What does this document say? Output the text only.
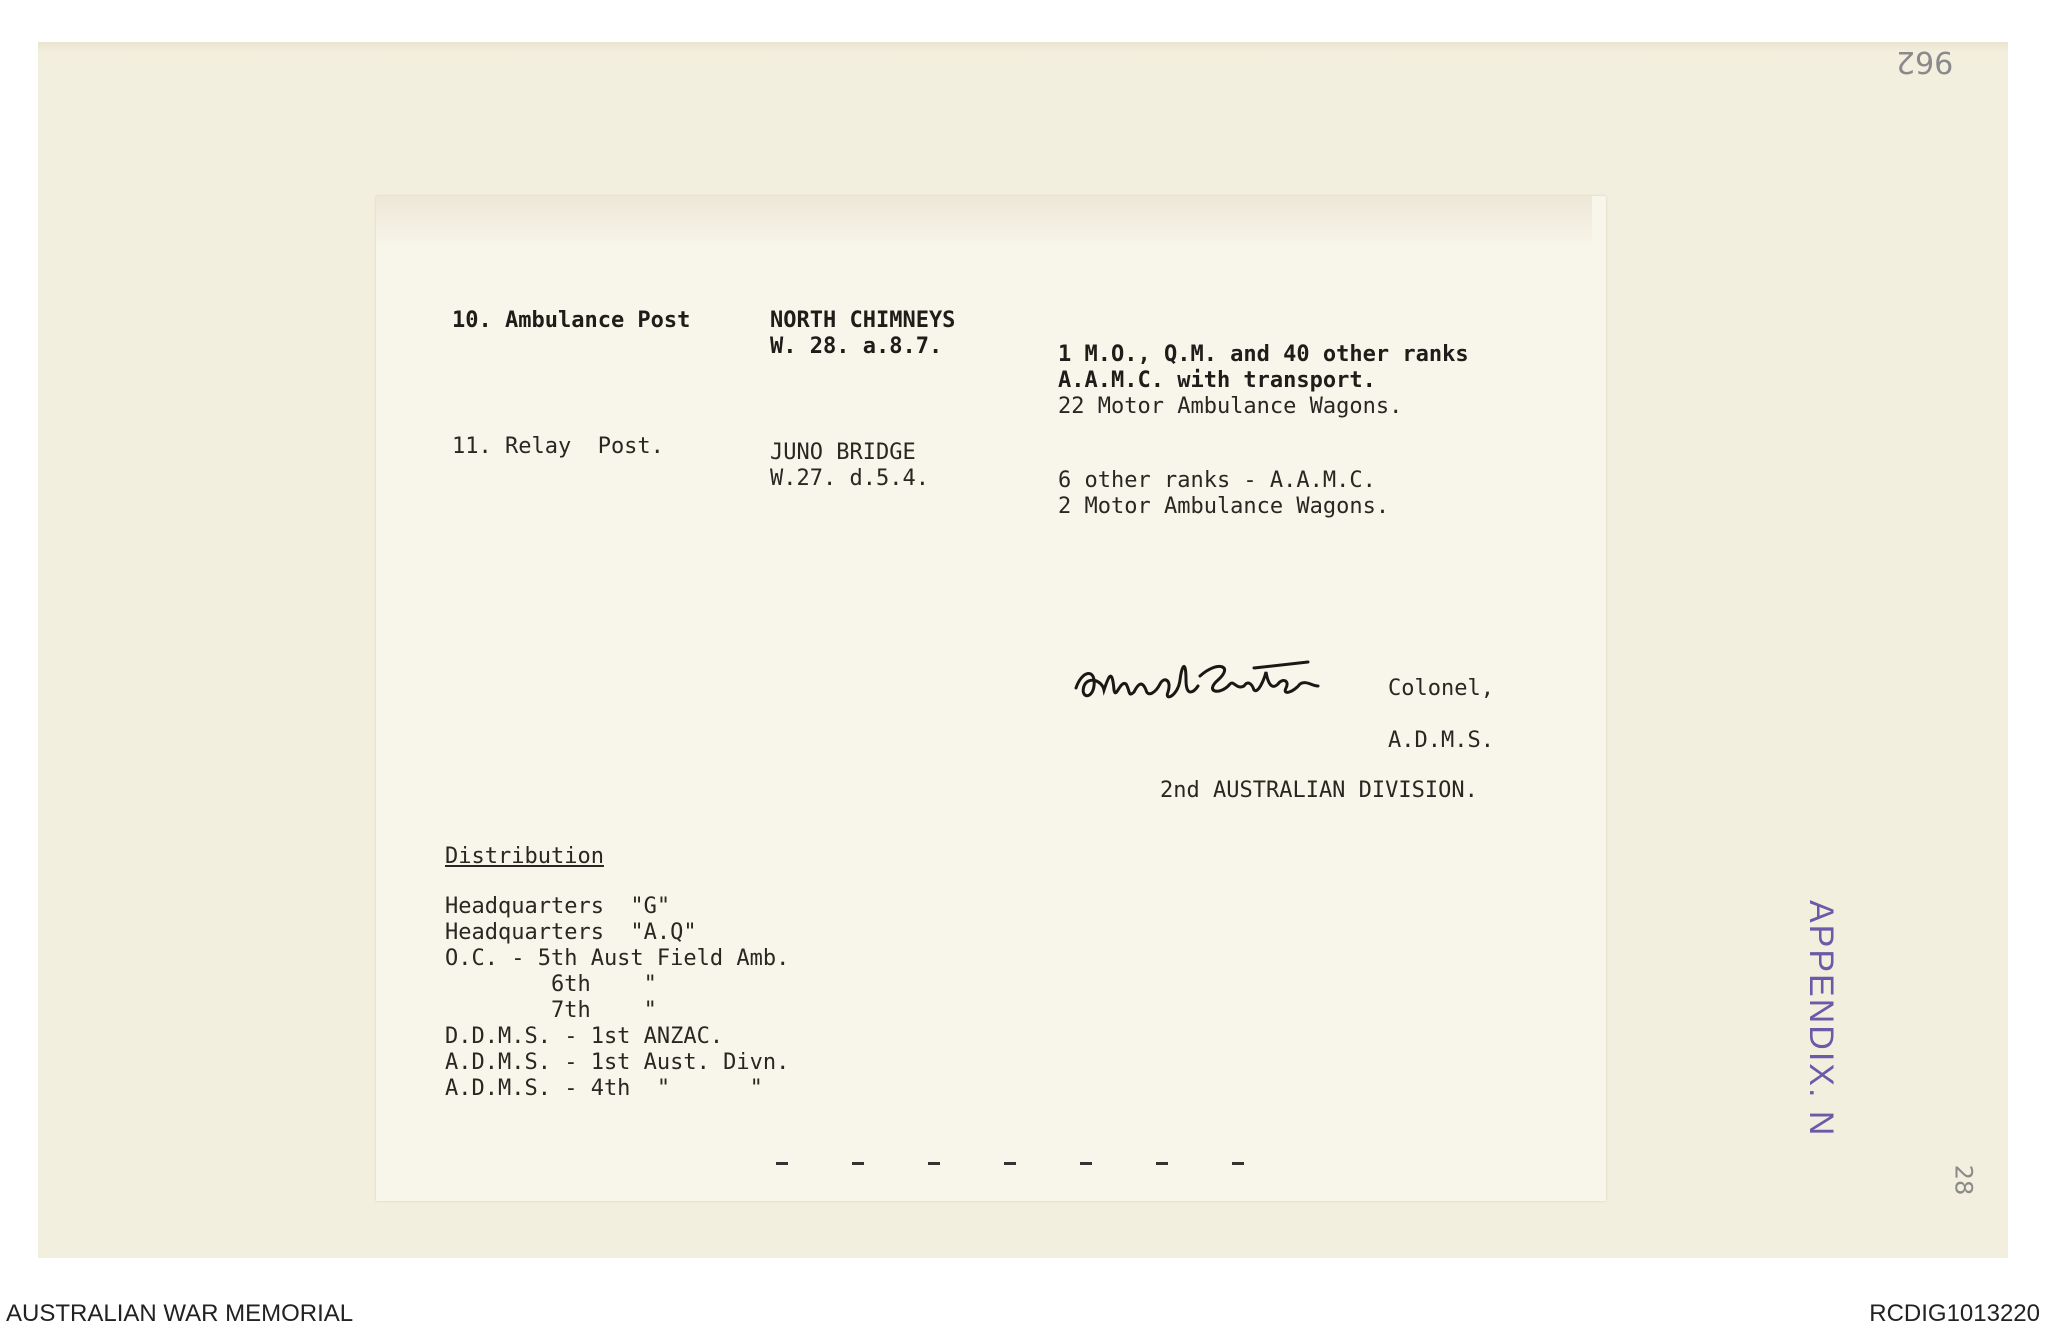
962
28
APPENDIX. N
10. Ambulance Post	NORTH CHIMNEYS
W. 28. a.8.7.	1 M.O., Q.M. and 40 other ranks
A.A.M.C. with transport.
22 Motor Ambulance Wagons.
11. Relay  Post.	JUNO BRIDGE
W.27. d.5.4.	6 other ranks - A.A.M.C.
2 Motor Ambulance Wagons.
Colonel,
A.D.M.S.
2nd AUSTRALIAN DIVISION.
Distribution
Headquarters  "G"
Headquarters  "A.Q"
O.C. - 5th Aust Field Amb.
6th    "
7th    "
D.D.M.S. - 1st ANZAC.
A.D.M.S. - 1st Aust. Divn.
A.D.M.S. - 4th  "      "
AUSTRALIAN WAR MEMORIAL	RCDIG1013220
